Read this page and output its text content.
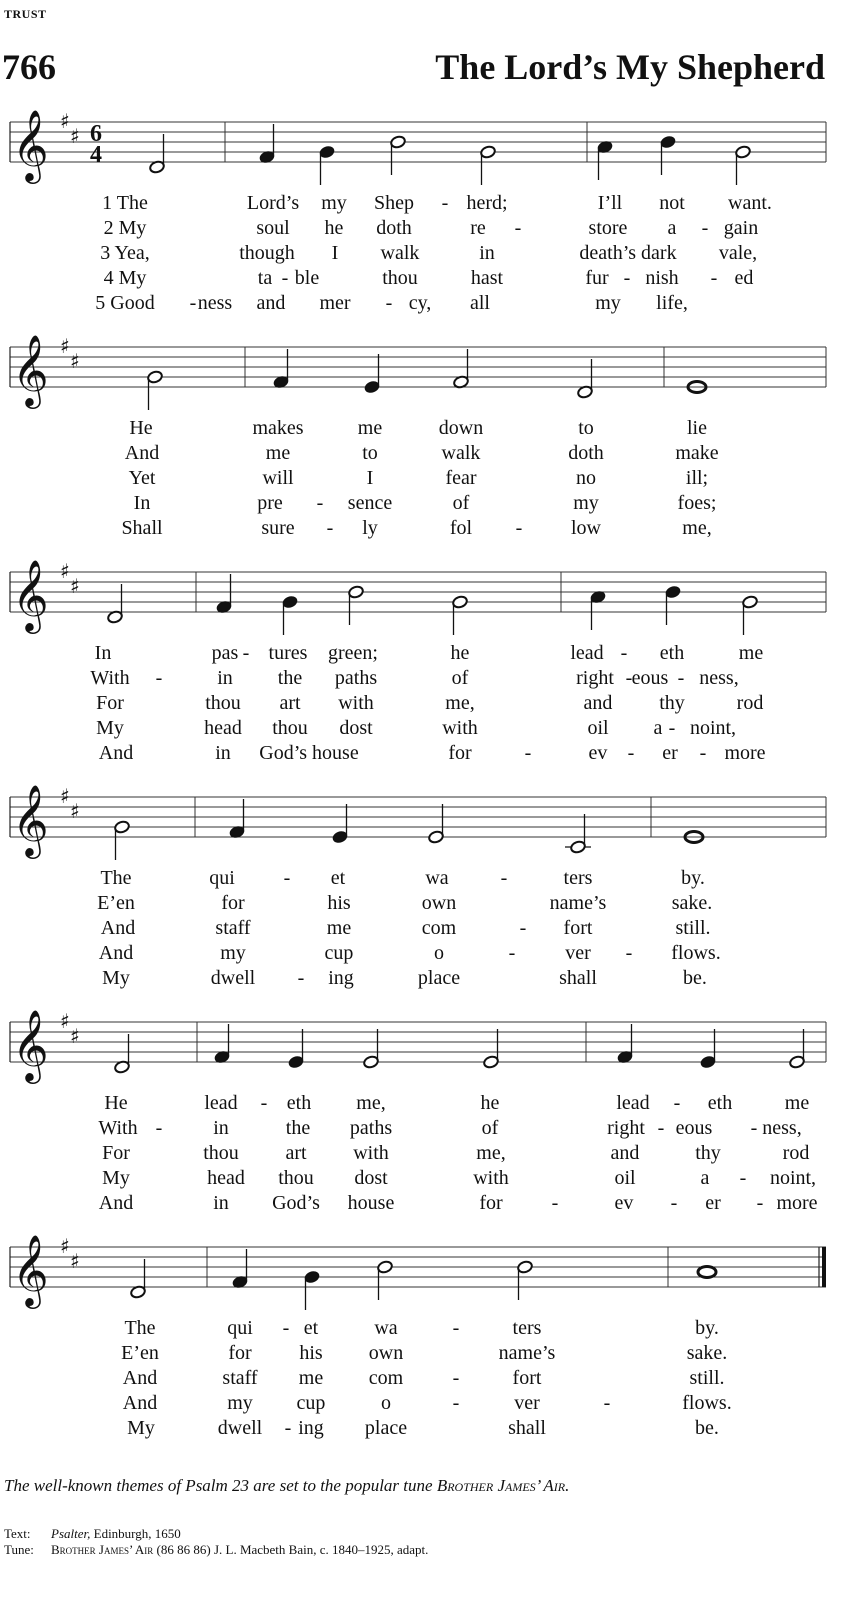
TRUST
766	The Lord’s My Shepherd
𝄞 ♯
♯ 6
4
1 The	Lord’s my Shep - herd;	I’ll not want.
2 My	soul he doth	re -	store a - gain
3 Yea,	though I walk	in	death’s dark vale,
4 My	ta - ble	thou	hast	fur - nish - ed
5 Good - ness and mer - cy, all	my life,
𝄞 ♯
♯
He	makes	me	down	to	lie
And	me	to	walk	doth	make
Yet	will	I	fear	no	ill;
In	pre - sence	of	my	foes;
Shall	sure - ly	fol - low	me,
𝄞 ♯
♯
In	pas - tures green;	he	lead - eth	me
With -	in the paths	of	right - eous - ness,
For	thou art with	me,	and thy	rod
My	head thou dost	with	oil a - noint,
And	in God’s house	for	-	ev - er - more
𝄞 ♯
♯
The	qui - et	wa	-	ters	by.
E’en	for	his	own	name’s	sake.
And	staff	me	com	- fort	still.
And	my	cup	o	- ver - flows.
My	dwell - ing	place	shall	be.
𝄞 ♯
♯
He	lead - eth me,	he	lead - eth	me
With -	in	the paths	of	right - eous - ness,
For	thou art with	me,	and	thy	rod
My	head thou dost	with	oil	a - noint,
And	in God’s house	for -	ev - er - more
𝄞 ♯
♯
The	qui - et	wa	-	ters	by.
E’en	for his own	name’s	sake.
And	staff me com -	fort	still.
And	my cup	o	-	ver	-	flows.
My	dwell - ing place	shall	be.
The well-known themes of Psalm 23 are set to the popular tune Brother James’ Air.
Text: Psalter, Edinburgh, 1650
Tune: Brother James’ Air (86 86 86) J. L. Macbeth Bain, c. 1840–1925, adapt.
